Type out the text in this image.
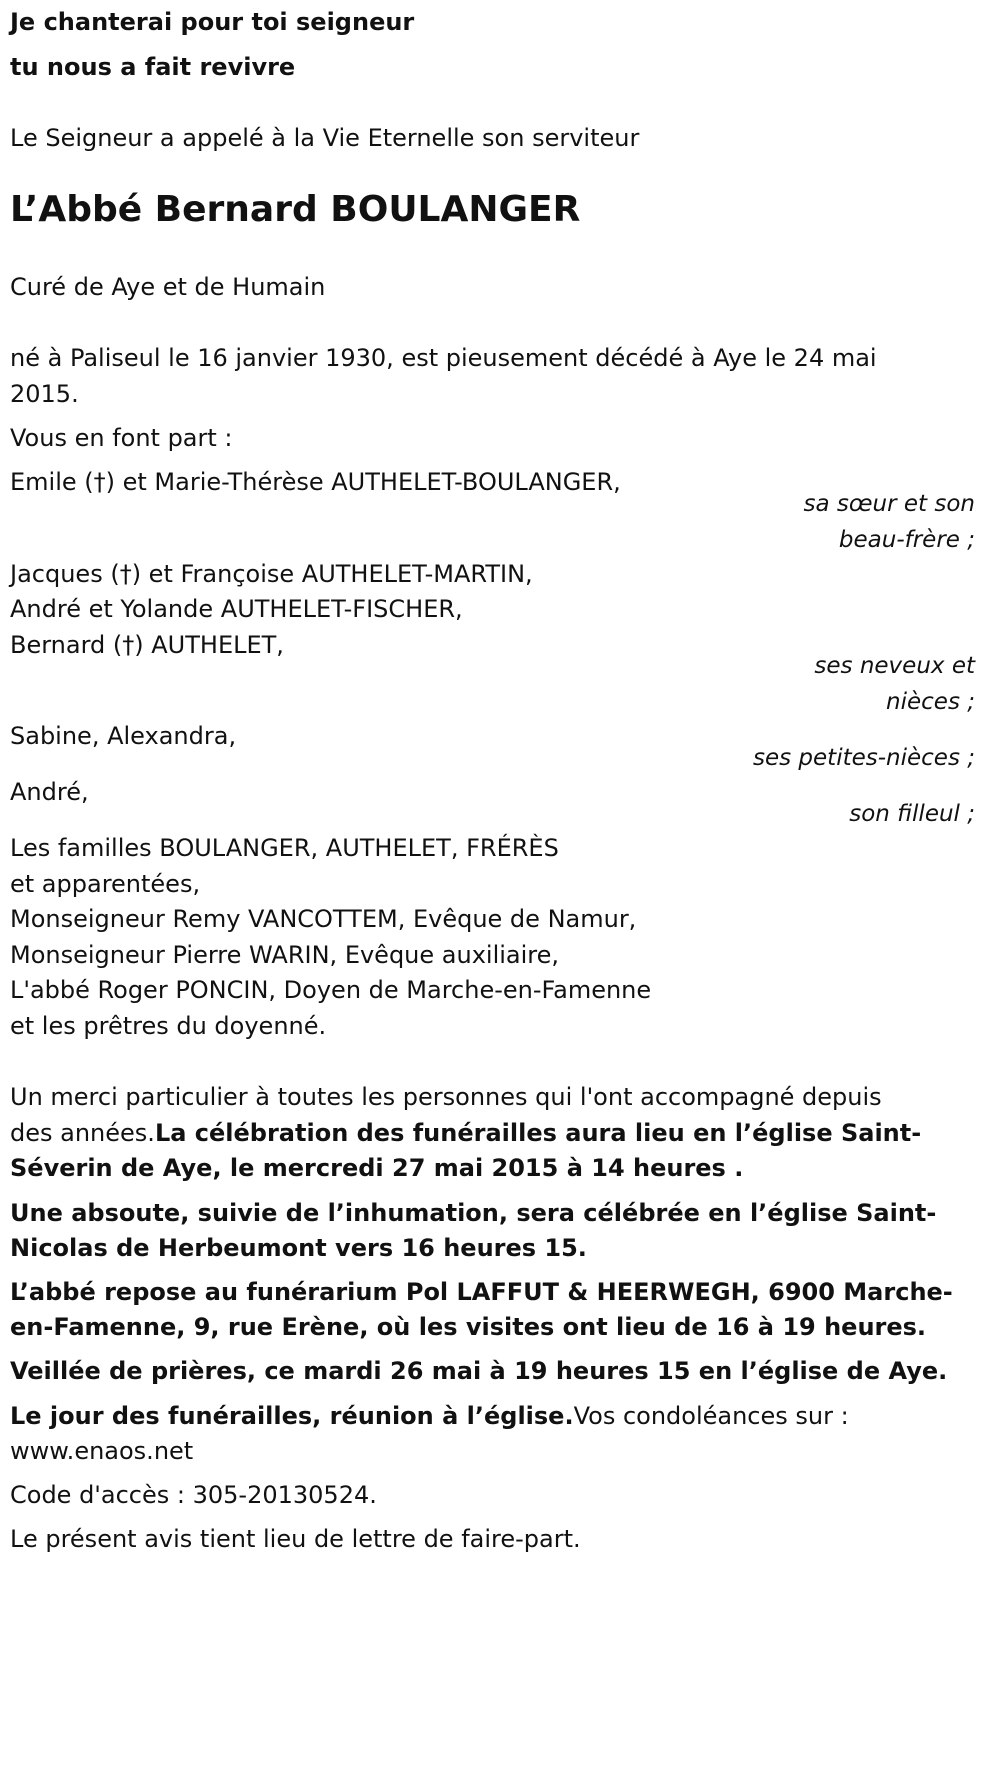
Je chanterai pour toi seigneur

tu nous a fait revivre

Le Seigneur a appelé à la Vie Eternelle son serviteur

L’Abbé Bernard BOULANGER

Curé de Aye et de Humain

né à Paliseul le 16 janvier 1930, est pieusement décédé à Aye le 24 mai

2015.

Vous en font part :

Emile (†) et Marie-Thérèse AUTHELET-BOULANGER,

sa sœur et son

beau-frère ;

Jacques (†) et Françoise AUTHELET-MARTIN,

André et Yolande AUTHELET-FISCHER,

Bernard (†) AUTHELET,

ses neveux et

nièces ;

Sabine, Alexandra,

ses petites-nièces ;

André,

son filleul ;

Les familles BOULANGER, AUTHELET, FRÉRÈS

et apparentées,

Monseigneur Remy VANCOTTEM, Evêque de Namur,

Monseigneur Pierre WARIN, Evêque auxiliaire,

L'abbé Roger PONCIN, Doyen de Marche-en-Famenne

et les prêtres du doyenné.

Un merci particulier à toutes les personnes qui l'ont accompagné depuis

des années.La célébration des funérailles aura lieu en l’église Saint-

Séverin de Aye, le mercredi 27 mai 2015 à 14 heures .

Une absoute, suivie de l’inhumation, sera célébrée en l’église Saint-

Nicolas de Herbeumont vers 16 heures 15.

L’abbé repose au funérarium Pol LAFFUT & HEERWEGH, 6900 Marche-

en-Famenne, 9, rue Erène, où les visites ont lieu de 16 à 19 heures.

Veillée de prières, ce mardi 26 mai à 19 heures 15 en l’église de Aye.

Le jour des funérailles, réunion à l’église.Vos condoléances sur :

www.enaos.net

Code d'accès : 305-20130524.

Le présent avis tient lieu de lettre de faire-part.
